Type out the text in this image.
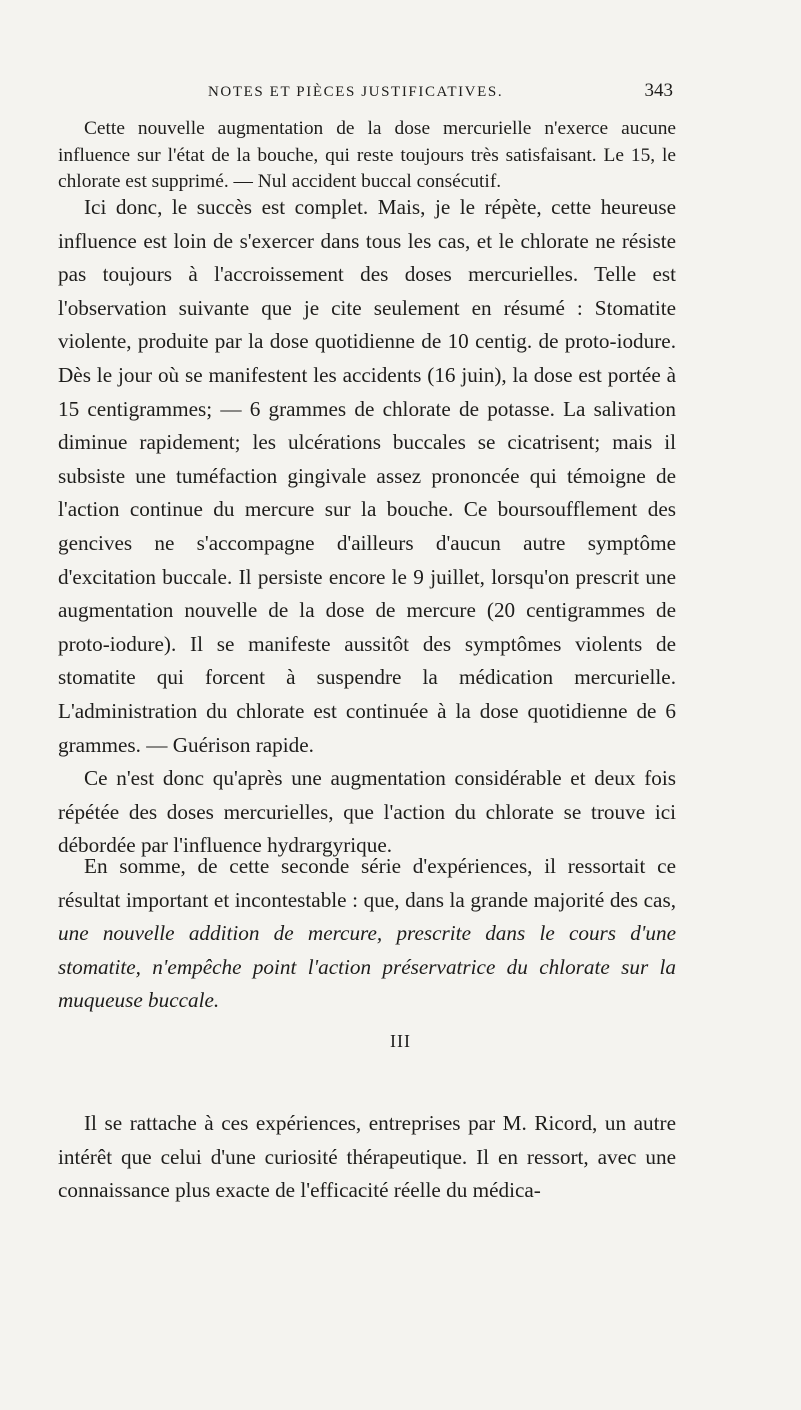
NOTES ET PIÈCES JUSTIFICATIVES.	343

Cette nouvelle augmentation de la dose mercurielle n'exerce aucune influence sur l'état de la bouche, qui reste toujours très satisfaisant. Le 15, le chlorate est supprimé. — Nul accident buccal consécutif.

Ici donc, le succès est complet. Mais, je le répète, cette heureuse influence est loin de s'exercer dans tous les cas, et le chlorate ne résiste pas toujours à l'accroissement des doses mercurielles. Telle est l'observation suivante que je cite seulement en résumé : Stomatite violente, produite par la dose quotidienne de 10 centig. de proto-iodure. Dès le jour où se manifestent les accidents (16 juin), la dose est portée à 15 centigrammes; — 6 grammes de chlorate de potasse. La salivation diminue rapidement; les ulcérations buccales se cicatrisent; mais il subsiste une tuméfaction gingivale assez prononcée qui témoigne de l'action continue du mercure sur la bouche. Ce boursoufflement des gencives ne s'accompagne d'ailleurs d'aucun autre symptôme d'excitation buccale. Il persiste encore le 9 juillet, lorsqu'on prescrit une augmentation nouvelle de la dose de mercure (20 centigrammes de proto-iodure). Il se manifeste aussitôt des symptômes violents de stomatite qui forcent à suspendre la médication mercurielle. L'administration du chlorate est continuée à la dose quotidienne de 6 grammes. — Guérison rapide.

Ce n'est donc qu'après une augmentation considérable et deux fois répétée des doses mercurielles, que l'action du chlorate se trouve ici débordée par l'influence hydrargyrique.

En somme, de cette seconde série d'expériences, il ressortait ce résultat important et incontestable : que, dans la grande majorité des cas, une nouvelle addition de mercure, prescrite dans le cours d'une stomatite, n'empêche point l'action préservatrice du chlorate sur la muqueuse buccale.

III

Il se rattache à ces expériences, entreprises par M. Ricord, un autre intérêt que celui d'une curiosité thérapeutique. Il en ressort, avec une connaissance plus exacte de l'efficacité réelle du médica-
